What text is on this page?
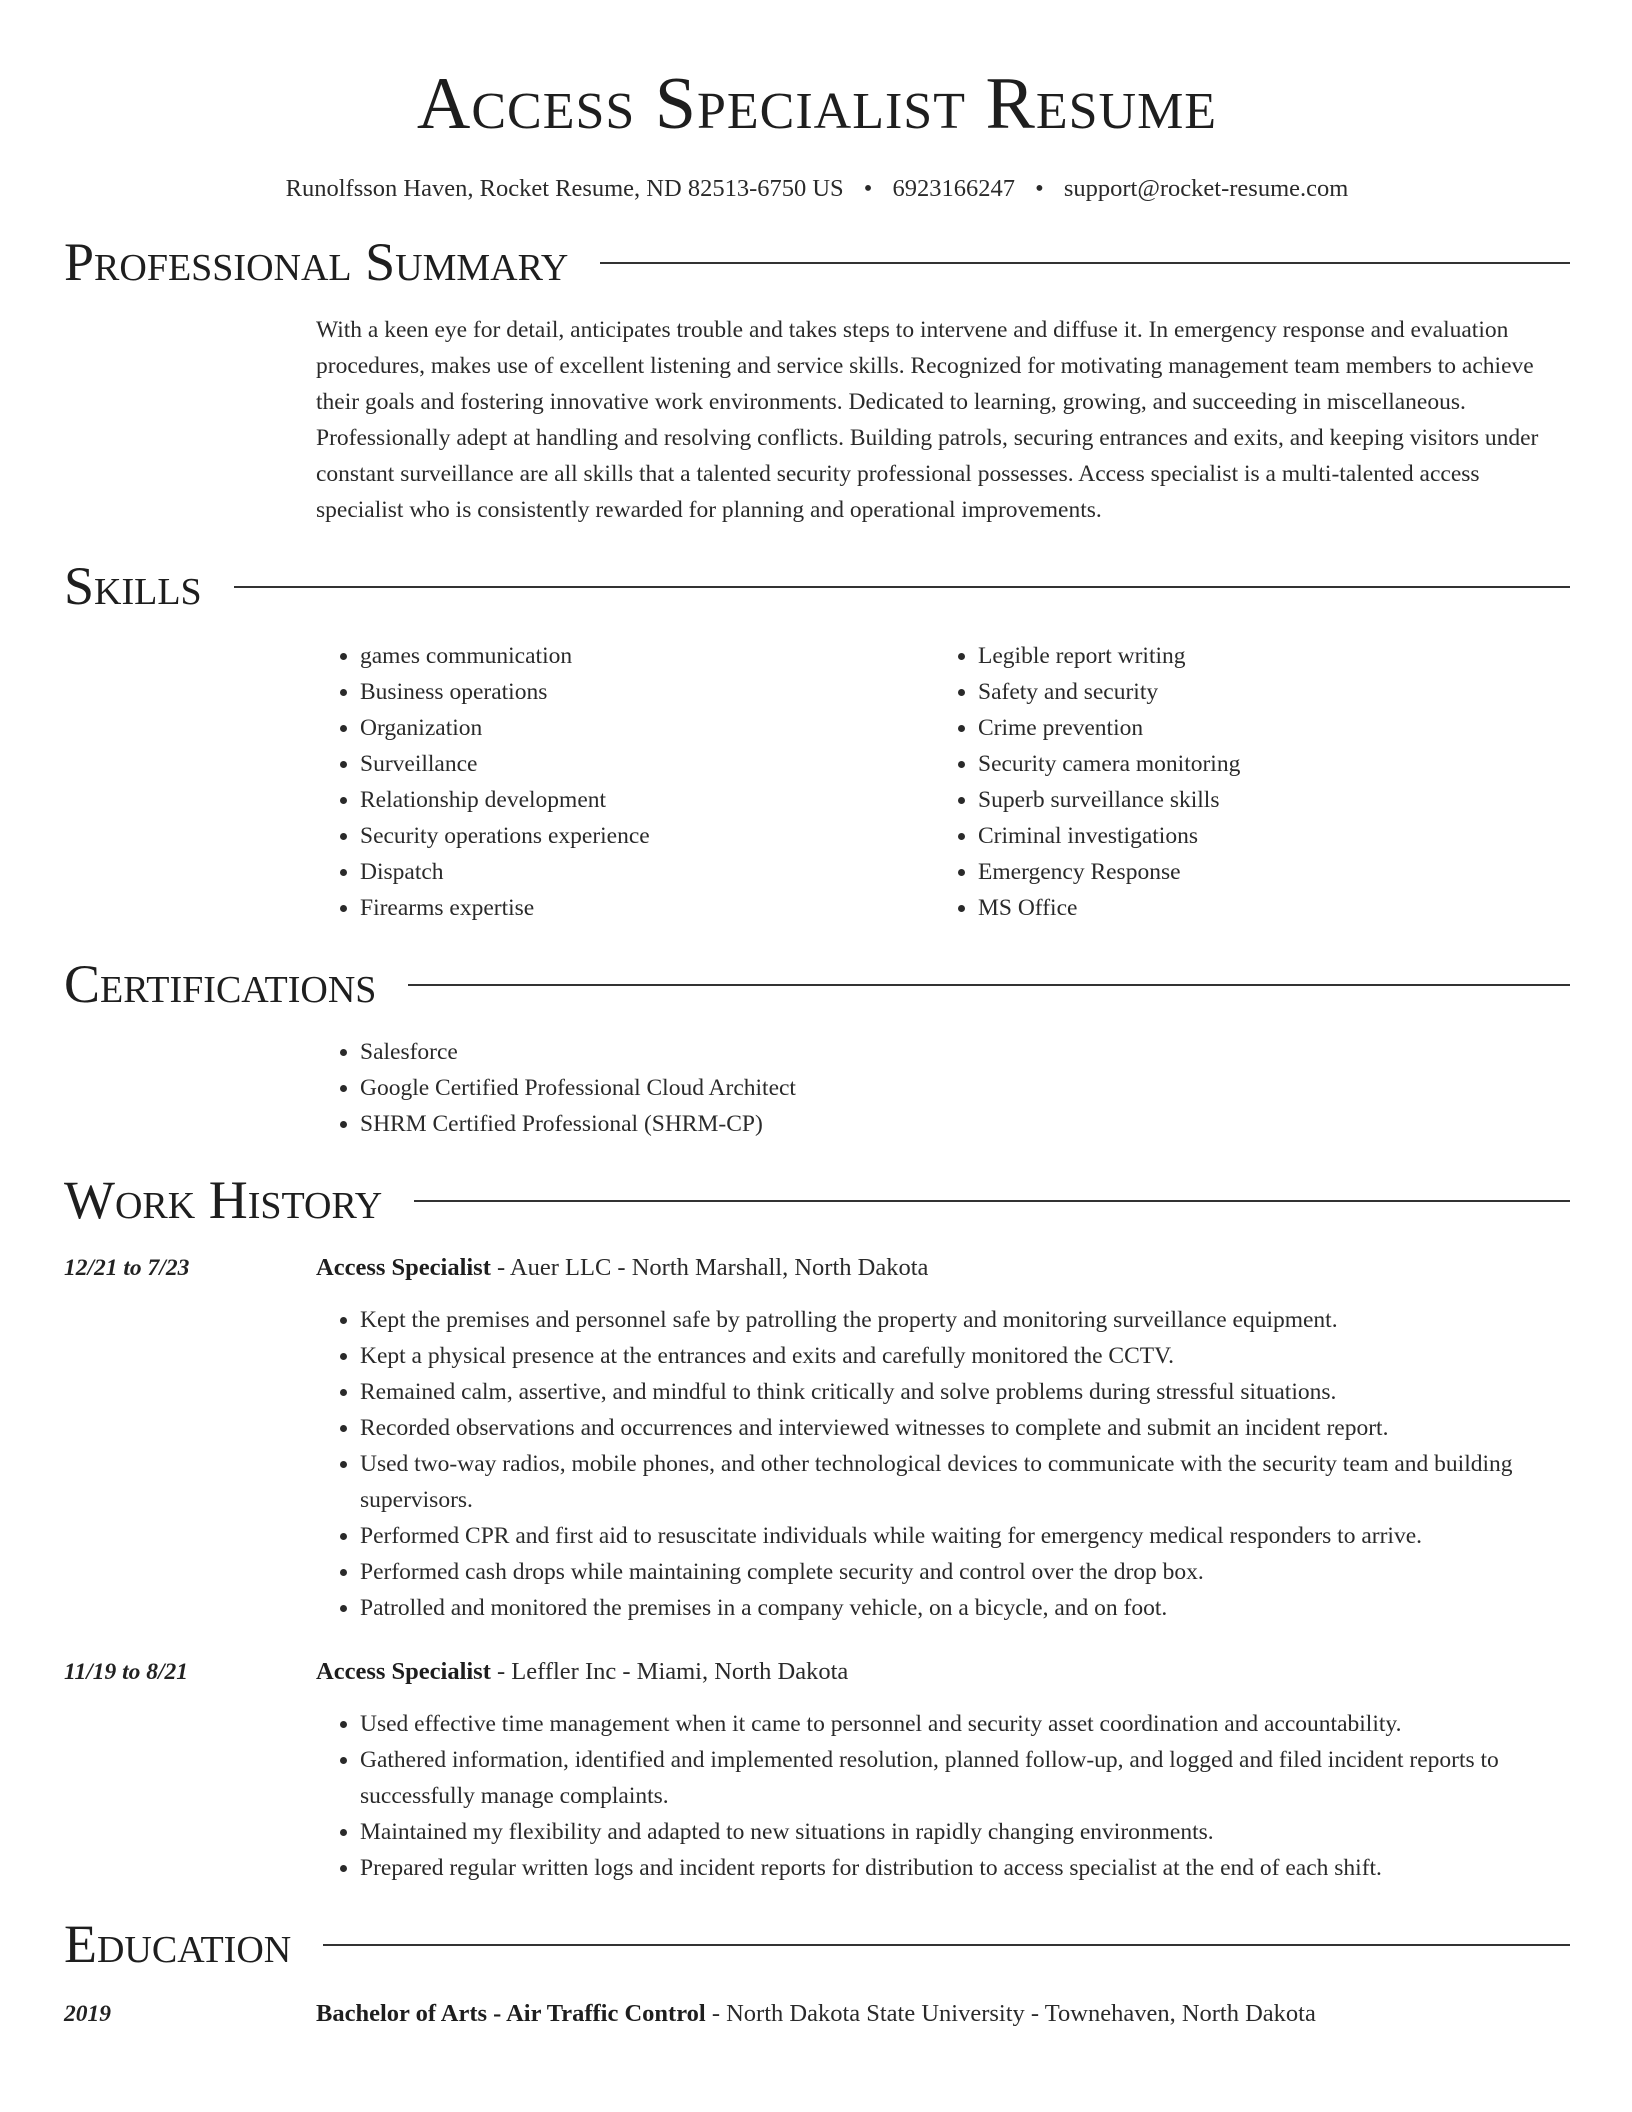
Access Specialist Resume
Runolfsson Haven, Rocket Resume, ND 82513-6750 US • 6923166247 • support@rocket-resume.com
Professional Summary
With a keen eye for detail, anticipates trouble and takes steps to intervene and diffuse it. In emergency response and evaluation procedures, makes use of excellent listening and service skills. Recognized for motivating management team members to achieve their goals and fostering innovative work environments. Dedicated to learning, growing, and succeeding in miscellaneous. Professionally adept at handling and resolving conflicts. Building patrols, securing entrances and exits, and keeping visitors under constant surveillance are all skills that a talented security professional possesses. Access specialist is a multi-talented access specialist who is consistently rewarded for planning and operational improvements.
Skills
• games communication
• Business operations
• Organization
• Surveillance
• Relationship development
• Security operations experience
• Dispatch
• Firearms expertise
• Legible report writing
• Safety and security
• Crime prevention
• Security camera monitoring
• Superb surveillance skills
• Criminal investigations
• Emergency Response
• MS Office
Certifications
• Salesforce
• Google Certified Professional Cloud Architect
• SHRM Certified Professional (SHRM-CP)
Work History
12/21 to 7/23	Access Specialist - Auer LLC - North Marshall, North Dakota
• Kept the premises and personnel safe by patrolling the property and monitoring surveillance equipment.
• Kept a physical presence at the entrances and exits and carefully monitored the CCTV.
• Remained calm, assertive, and mindful to think critically and solve problems during stressful situations.
• Recorded observations and occurrences and interviewed witnesses to complete and submit an incident report.
• Used two-way radios, mobile phones, and other technological devices to communicate with the security team and building supervisors.
• Performed CPR and first aid to resuscitate individuals while waiting for emergency medical responders to arrive.
• Performed cash drops while maintaining complete security and control over the drop box.
• Patrolled and monitored the premises in a company vehicle, on a bicycle, and on foot.
11/19 to 8/21	Access Specialist - Leffler Inc - Miami, North Dakota
• Used effective time management when it came to personnel and security asset coordination and accountability.
• Gathered information, identified and implemented resolution, planned follow-up, and logged and filed incident reports to successfully manage complaints.
• Maintained my flexibility and adapted to new situations in rapidly changing environments.
• Prepared regular written logs and incident reports for distribution to access specialist at the end of each shift.
Education
2019	Bachelor of Arts - Air Traffic Control - North Dakota State University - Townehaven, North Dakota
